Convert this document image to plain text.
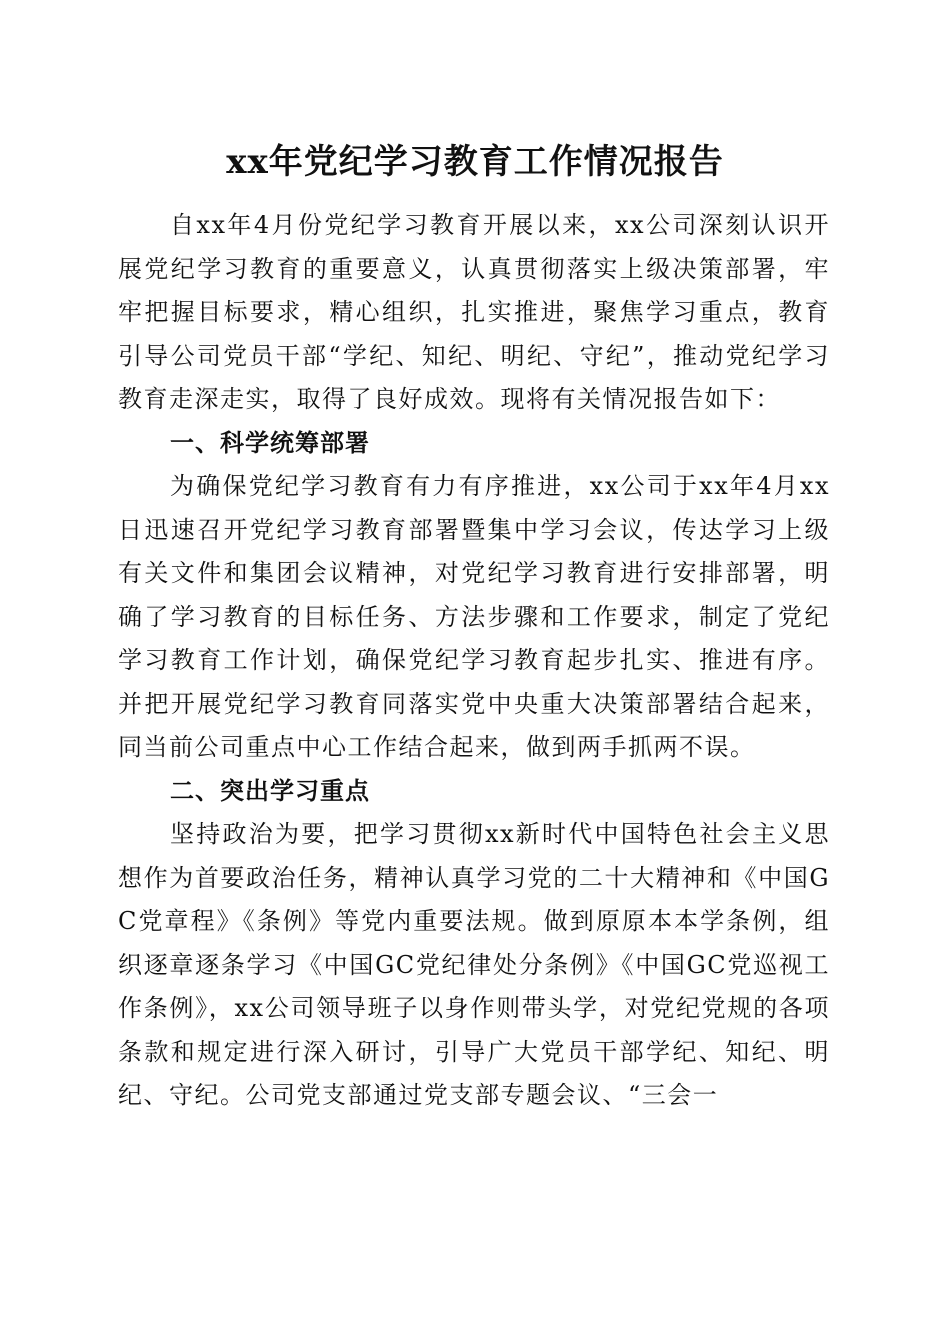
xx年党纪学习教育工作情况报告

自xx年4月份党纪学习教育开展以来，xx公司深刻认识开展党纪学习教育的重要意义，认真贯彻落实上级决策部署，牢牢把握目标要求，精心组织，扎实推进，聚焦学习重点，教育引导公司党员干部“学纪、知纪、明纪、守纪”，推动党纪学习教育走深走实，取得了良好成效。现将有关情况报告如下：

一、科学统筹部署

为确保党纪学习教育有力有序推进，xx公司于xx年4月xx日迅速召开党纪学习教育部署暨集中学习会议，传达学习上级有关文件和集团会议精神，对党纪学习教育进行安排部署，明确了学习教育的目标任务、方法步骤和工作要求，制定了党纪学习教育工作计划，确保党纪学习教育起步扎实、推进有序。并把开展党纪学习教育同落实党中央重大决策部署结合起来，同当前公司重点中心工作结合起来，做到两手抓两不误。

二、突出学习重点

坚持政治为要，把学习贯彻xx新时代中国特色社会主义思想作为首要政治任务，精神认真学习党的二十大精神和《中国GC党章程》《条例》等党内重要法规。做到原原本本学条例，组织逐章逐条学习《中国GC党纪律处分条例》《中国GC党巡视工作条例》，xx公司领导班子以身作则带头学，对党纪党规的各项条款和规定进行深入研讨，引导广大党员干部学纪、知纪、明纪、守纪。公司党支部通过党支部专题会议、“三会一
